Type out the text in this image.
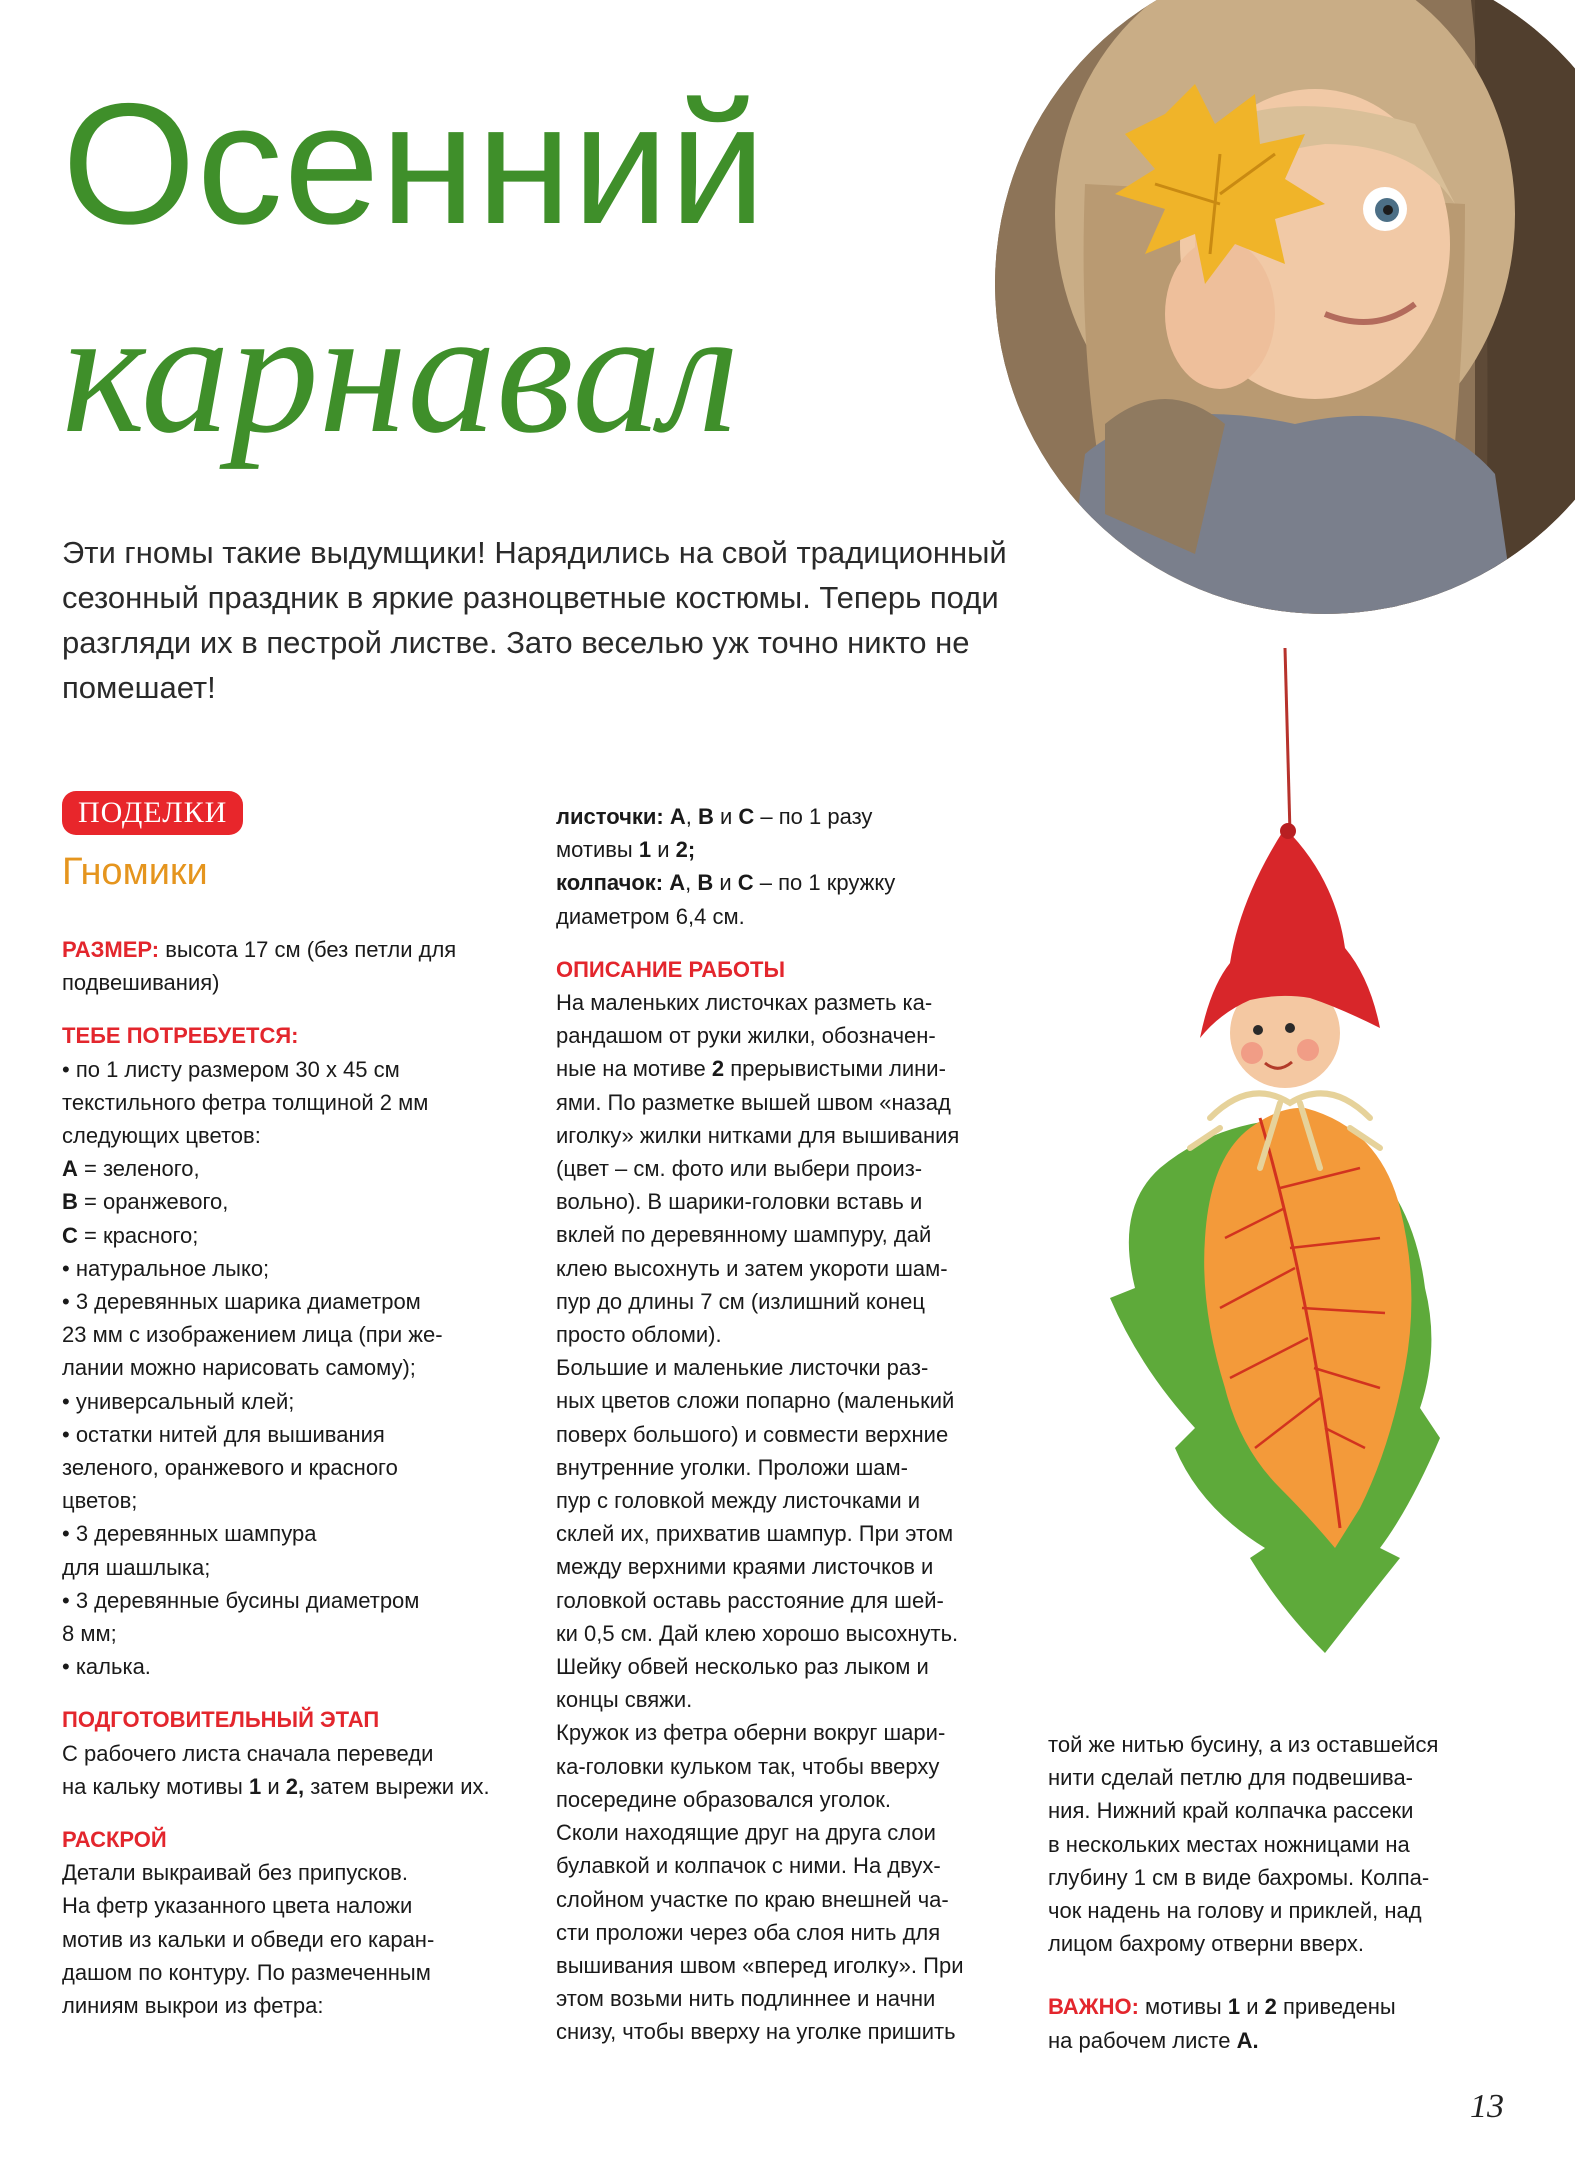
Осенний
карнавал
Эти гномы такие выдумщики! Нарядились на свой традиционный сезонный праздник в яркие разноцветные костюмы. Теперь поди разгляди их в пестрой листве. Зато веселью уж точно никто не помешает!
ПОДЕЛКИ
Гномики

РАЗМЕР: высота 17 см (без петли для подвешивания)

ТЕБЕ ПОТРЕБУЕТСЯ:

• по 1 листу размером 30 х 45 см

текстильного фетра толщиной 2 мм

следующих цветов:

A = зеленого,

B = оранжевого,

C = красного;

• натуральное лыко;

• 3 деревянных шарика диаметром

23 мм с изображением лица (при же-

лании можно нарисовать самому);

• универсальный клей;

• остатки нитей для вышивания

зеленого, оранжевого и красного

цветов;

• 3 деревянных шампура

для шашлыка;

• 3 деревянные бусины диаметром

8 мм;

• калька.

ПОДГОТОВИТЕЛЬНЫЙ ЭТАП

С рабочего листа сначала переведи

на кальку мотивы 1 и 2, затем вырежи их.

РАСКРОЙ

Детали выкраивай без припусков.

На фетр указанного цвета наложи

мотив из кальки и обведи его каран-

дашом по контуру. По размеченным

линиям выкрои из фетра:

листочки: A, B и C – по 1 разу

мотивы 1 и 2;

колпачок: A, B и C – по 1 кружку

диаметром 6,4 см.

ОПИСАНИЕ РАБОТЫ

На маленьких листочках разметь ка-

рандашом от руки жилки, обозначен-

ные на мотиве 2 прерывистыми лини-

ями. По разметке вышей швом «назад

иголку» жилки нитками для вышивания

(цвет – см. фото или выбери произ-

вольно). В шарики-головки вставь и

вклей по деревянному шампуру, дай

клею высохнуть и затем укороти шам-

пур до длины 7 см (излишний конец

просто обломи).

Большие и маленькие листочки раз-

ных цветов сложи попарно (маленький

поверх большого) и совмести верхние

внутренние уголки. Проложи шам-

пур с головкой между листочками и

склей их, прихватив шампур. При этом

между верхними краями листочков и

головкой оставь расстояние для шей-

ки 0,5 см. Дай клею хорошо высохнуть.

Шейку обвей несколько раз лыком и

концы свяжи.

Кружок из фетра оберни вокруг шари-

ка-головки кульком так, чтобы вверху

посередине образовался уголок.

Сколи находящие друг на друга слои

булавкой и колпачок с ними. На двух-

слойном участке по краю внешней ча-

сти проложи через оба слоя нить для

вышивания швом «вперед иголку». При

этом возьми нить подлиннее и начни

снизу, чтобы вверху на уголке пришить

той же нитью бусину, а из оставшейся

нити сделай петлю для подвешива-

ния. Нижний край колпачка рассеки

в нескольких местах ножницами на

глубину 1 см в виде бахромы. Колпа-

чок надень на голову и приклей, над

лицом бахрому отверни вверх.

ВАЖНО: мотивы 1 и 2 приведены

на рабочем листе A.

13
